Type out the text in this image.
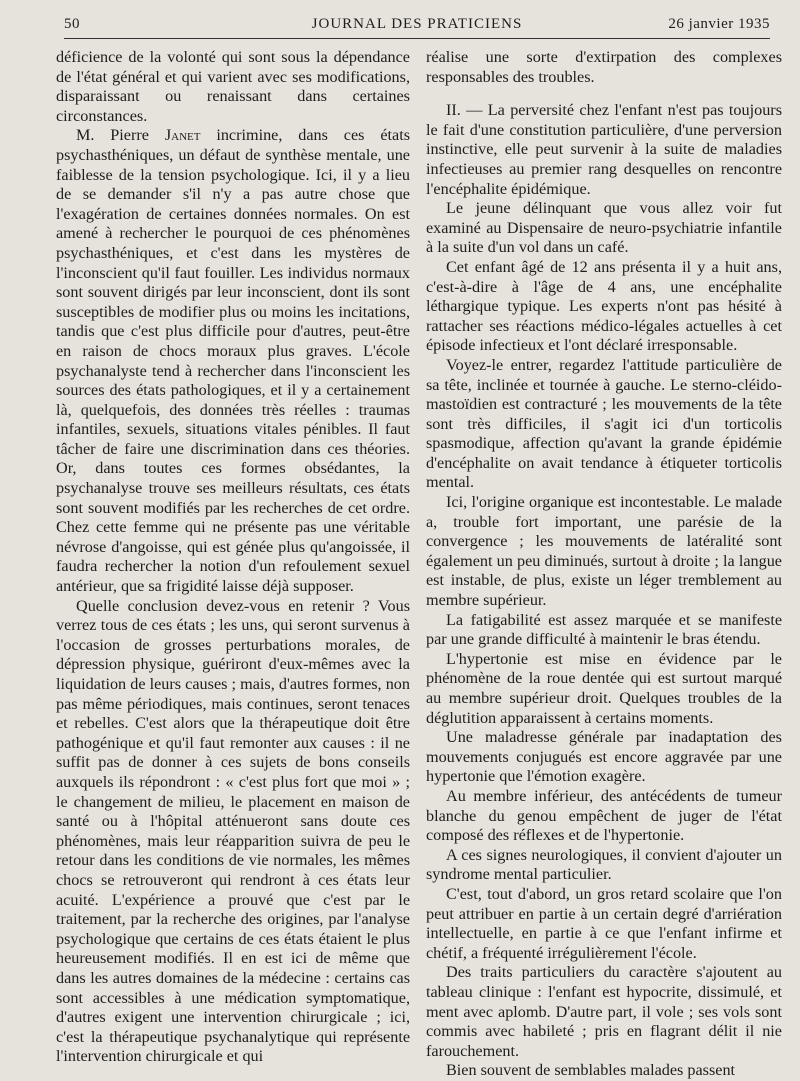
50	JOURNAL DES PRATICIENS	26 janvier 1935

déficience de la volonté qui sont sous la dépendance de l'état général et qui varient avec ses modifications, disparaissant ou renaissant dans certaines circonstances.

M. Pierre Janet incrimine, dans ces états psychasthéniques, un défaut de synthèse mentale, une faiblesse de la tension psychologique. Ici, il y a lieu de se demander s'il n'y a pas autre chose que l'exagération de certaines données normales. On est amené à rechercher le pourquoi de ces phénomènes psychasthéniques, et c'est dans les mystères de l'inconscient qu'il faut fouiller. Les individus normaux sont souvent dirigés par leur inconscient, dont ils sont susceptibles de modifier plus ou moins les incitations, tandis que c'est plus difficile pour d'autres, peut-être en raison de chocs moraux plus graves. L'école psychanalyste tend à rechercher dans l'inconscient les sources des états pathologiques, et il y a certainement là, quelquefois, des données très réelles : traumas infantiles, sexuels, situations vitales pénibles. Il faut tâcher de faire une discrimination dans ces théories. Or, dans toutes ces formes obsédantes, la psychanalyse trouve ses meilleurs résultats, ces états sont souvent modifiés par les recherches de cet ordre. Chez cette femme qui ne présente pas une véritable névrose d'angoisse, qui est génée plus qu'angoissée, il faudra rechercher la notion d'un refoulement sexuel antérieur, que sa frigidité laisse déjà supposer.

Quelle conclusion devez-vous en retenir ? Vous verrez tous de ces états ; les uns, qui seront survenus à l'occasion de grosses perturbations morales, de dépression physique, guériront d'eux-mêmes avec la liquidation de leurs causes ; mais, d'autres formes, non pas même périodiques, mais continues, seront tenaces et rebelles. C'est alors que la thérapeutique doit être pathogénique et qu'il faut remonter aux causes : il ne suffit pas de donner à ces sujets de bons conseils auxquels ils répondront : « c'est plus fort que moi » ; le changement de milieu, le placement en maison de santé ou à l'hôpital atténueront sans doute ces phénomènes, mais leur réapparition suivra de peu le retour dans les conditions de vie normales, les mêmes chocs se retrouveront qui rendront à ces états leur acuité. L'expérience a prouvé que c'est par le traitement, par la recherche des origines, par l'analyse psychologique que certains de ces états étaient le plus heureusement modifiés. Il en est ici de même que dans les autres domaines de la médecine : certains cas sont accessibles à une médication symptomatique, d'autres exigent une intervention chirurgicale ; ici, c'est la thérapeutique psychanalytique qui représente l'intervention chirurgicale et qui

réalise une sorte d'extirpation des complexes responsables des troubles.

II. — La perversité chez l'enfant n'est pas toujours le fait d'une constitution particulière, d'une perversion instinctive, elle peut survenir à la suite de maladies infectieuses au premier rang desquelles on rencontre l'encéphalite épidémique.

Le jeune délinquant que vous allez voir fut examiné au Dispensaire de neuro-psychiatrie infantile à la suite d'un vol dans un café.

Cet enfant âgé de 12 ans présenta il y a huit ans, c'est-à-dire à l'âge de 4 ans, une encéphalite léthargique typique. Les experts n'ont pas hésité à rattacher ses réactions médico-légales actuelles à cet épisode infectieux et l'ont déclaré irresponsable.

Voyez-le entrer, regardez l'attitude particulière de sa tête, inclinée et tournée à gauche. Le sterno-cléido-mastoïdien est contracturé ; les mouvements de la tête sont très difficiles, il s'agit ici d'un torticolis spasmodique, affection qu'avant la grande épidémie d'encéphalite on avait tendance à étiqueter torticolis mental.

Ici, l'origine organique est incontestable. Le malade a, trouble fort important, une parésie de la convergence ; les mouvements de latéralité sont également un peu diminués, surtout à droite ; la langue est instable, de plus, existe un léger tremblement au membre supérieur.

La fatigabilité est assez marquée et se manifeste par une grande difficulté à maintenir le bras étendu.

L'hypertonie est mise en évidence par le phénomène de la roue dentée qui est surtout marqué au membre supérieur droit. Quelques troubles de la déglutition apparaissent à certains moments.

Une maladresse générale par inadaptation des mouvements conjugués est encore aggravée par une hypertonie que l'émotion exagère.

Au membre inférieur, des antécédents de tumeur blanche du genou empêchent de juger de l'état composé des réflexes et de l'hypertonie.

A ces signes neurologiques, il convient d'ajouter un syndrome mental particulier.

C'est, tout d'abord, un gros retard scolaire que l'on peut attribuer en partie à un certain degré d'arriération intellectuelle, en partie à ce que l'enfant infirme et chétif, a fréquenté irrégulièrement l'école.

Des traits particuliers du caractère s'ajoutent au tableau clinique : l'enfant est hypocrite, dissimulé, et ment avec aplomb. D'autre part, il vole ; ses vols sont commis avec habileté ; pris en flagrant délit il nie farouchement.

Bien souvent de semblables malades passent
